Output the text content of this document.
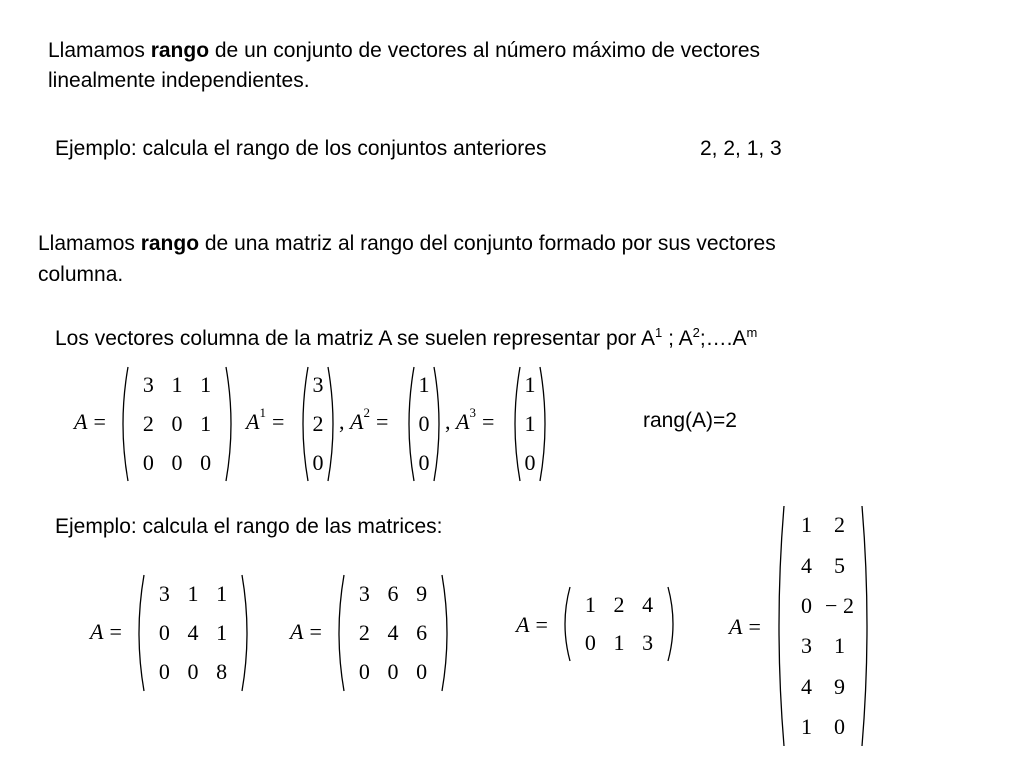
Llamamos rango de un conjunto de vectores al número máximo de vectores
linealmente independientes.
Ejemplo: calcula el rango de los conjuntos anteriores	2, 2, 1, 3
Llamamos rango de una matriz al rango del conjunto formado por sus vectores
columna.
Los vectores columna de la matriz A se suelen representar por $A^1$ ; $A^2;\dots.A^m$
A =
3 1 1
2 0 1
0 0 0
$A^1$ =
3
2
0
, $A^2$ =
1
0
0
, $A^3$ =
1
1
0
rang(A)=2
Ejemplo: calcula el rango de las matrices:
A =
3 1 1
0 4 1
0 0 8
A =
3 6 9
2 4 6
0 0 0
A =
1 2 4
0 1 3
A =
1	2
4	5
0 − 2
3	1
4	9
1	0
